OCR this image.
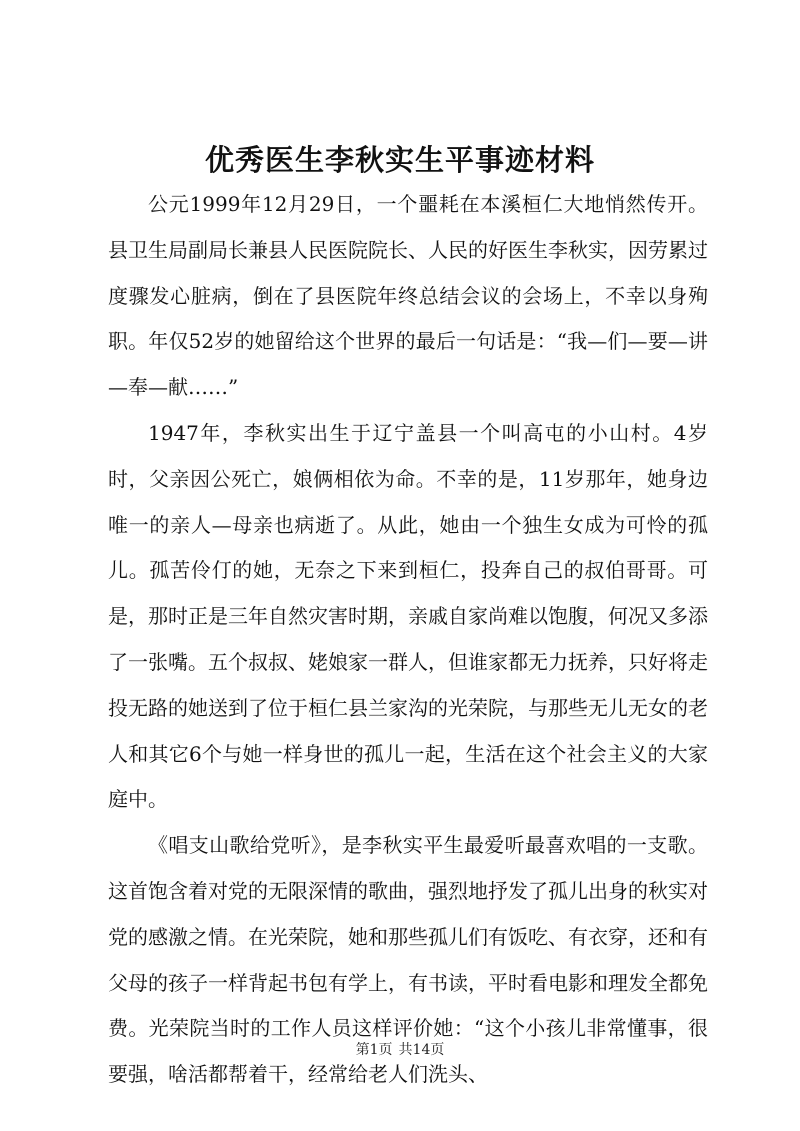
优秀医生李秋实生平事迹材料

公元1999年12月29日，一个噩耗在本溪桓仁大地悄然传开。县卫生局副局长兼县人民医院院长、人民的好医生李秋实，因劳累过度骤发心脏病，倒在了县医院年终总结会议的会场上，不幸以身殉职。年仅52岁的她留给这个世界的最后一句话是：“我—们—要—讲—奉—献……”

1947年，李秋实出生于辽宁盖县一个叫高屯的小山村。4岁时，父亲因公死亡，娘俩相依为命。不幸的是，11岁那年，她身边唯一的亲人—母亲也病逝了。从此，她由一个独生女成为可怜的孤儿。孤苦伶仃的她，无奈之下来到桓仁，投奔自己的叔伯哥哥。可是，那时正是三年自然灾害时期，亲戚自家尚难以饱腹，何况又多添了一张嘴。五个叔叔、姥娘家一群人，但谁家都无力抚养，只好将走投无路的她送到了位于桓仁县兰家沟的光荣院，与那些无儿无女的老人和其它6个与她一样身世的孤儿一起，生活在这个社会主义的大家庭中。

《唱支山歌给党听》，是李秋实平生最爱听最喜欢唱的一支歌。这首饱含着对党的无限深情的歌曲，强烈地抒发了孤儿出身的秋实对党的感激之情。在光荣院，她和那些孤儿们有饭吃、有衣穿，还和有父母的孩子一样背起书包有学上，有书读，平时看电影和理发全都免费。光荣院当时的工作人员这样评价她：“这个小孩儿非常懂事，很要强，啥活都帮着干，经常给老人们洗头、

第1页 共14页
